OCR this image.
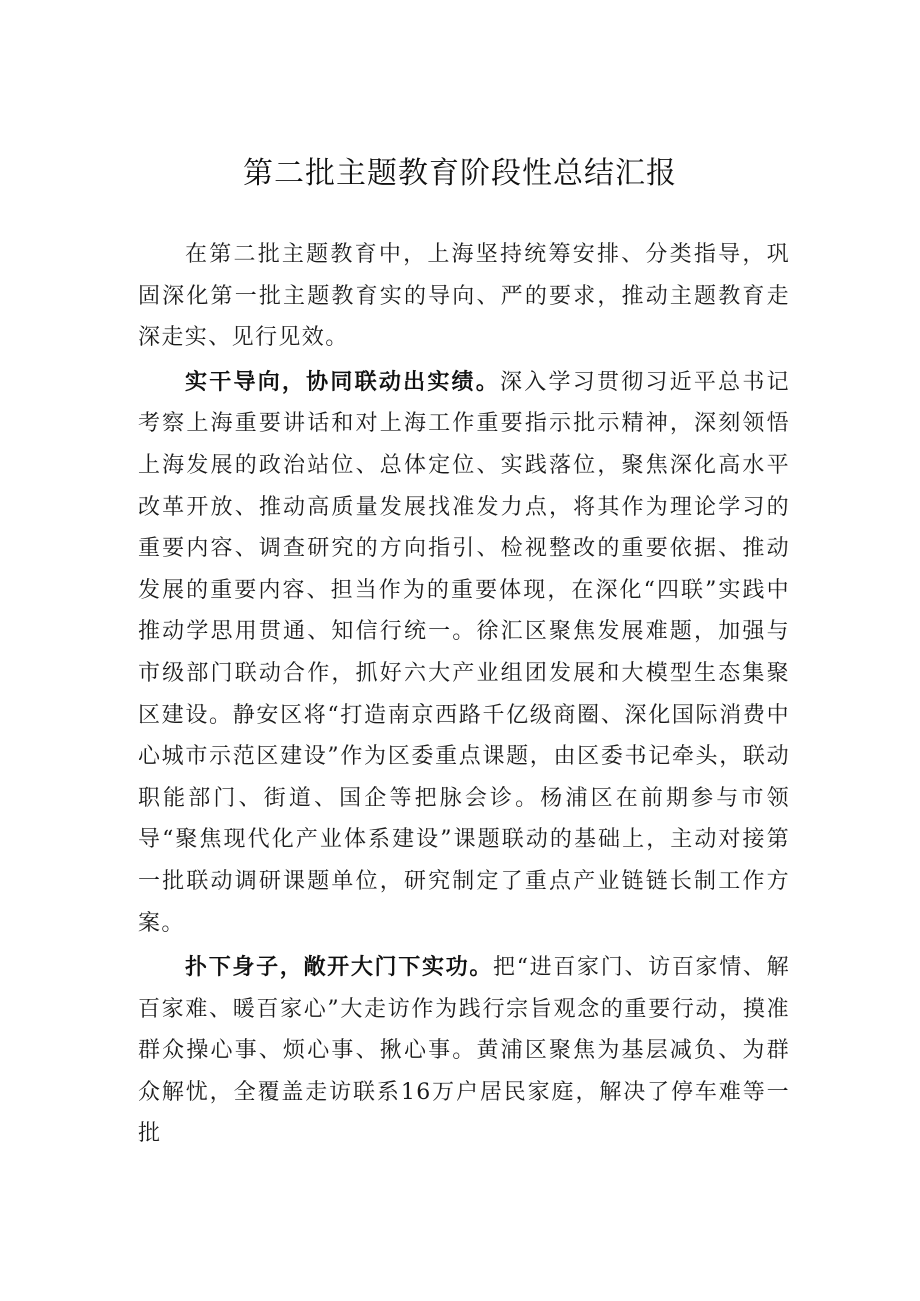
第二批主题教育阶段性总结汇报

在第二批主题教育中，上海坚持统筹安排、分类指导，巩固深化第一批主题教育实的导向、严的要求，推动主题教育走深走实、见行见效。

实干导向，协同联动出实绩。深入学习贯彻习近平总书记考察上海重要讲话和对上海工作重要指示批示精神，深刻领悟上海发展的政治站位、总体定位、实践落位，聚焦深化高水平改革开放、推动高质量发展找准发力点，将其作为理论学习的重要内容、调查研究的方向指引、检视整改的重要依据、推动发展的重要内容、担当作为的重要体现，在深化“四联”实践中推动学思用贯通、知信行统一。徐汇区聚焦发展难题，加强与市级部门联动合作，抓好六大产业组团发展和大模型生态集聚区建设。静安区将“打造南京西路千亿级商圈、深化国际消费中心城市示范区建设”作为区委重点课题，由区委书记牵头，联动职能部门、街道、国企等把脉会诊。杨浦区在前期参与市领导“聚焦现代化产业体系建设”课题联动的基础上，主动对接第一批联动调研课题单位，研究制定了重点产业链链长制工作方案。

扑下身子，敞开大门下实功。把“进百家门、访百家情、解百家难、暖百家心”大走访作为践行宗旨观念的重要行动，摸准群众操心事、烦心事、揪心事。黄浦区聚焦为基层减负、为群众解忧，全覆盖走访联系16万户居民家庭，解决了停车难等一批
